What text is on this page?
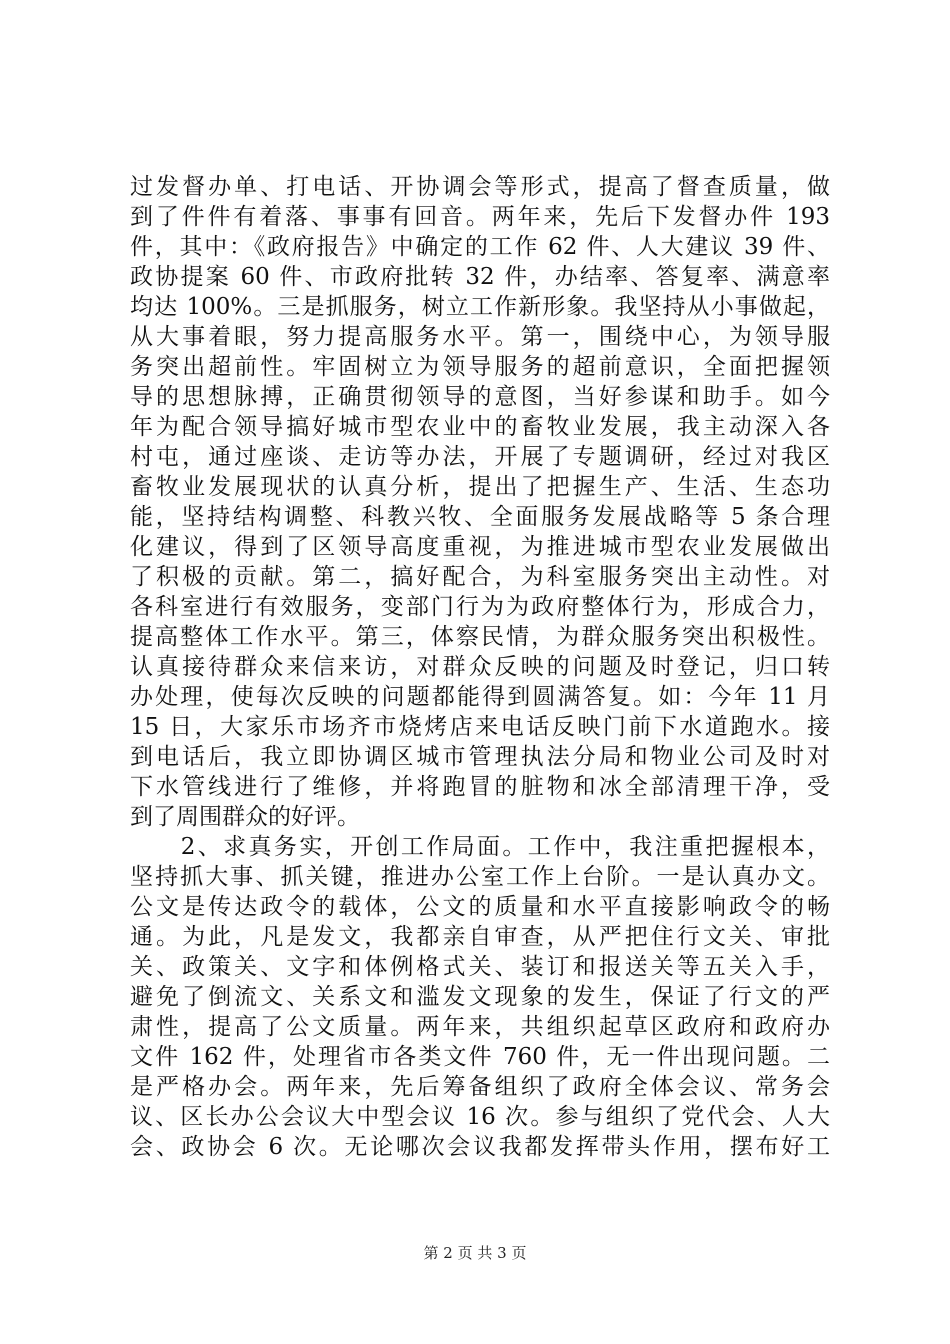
过发督办单、打电话、开协调会等形式，提高了督查质量，做
到了件件有着落、事事有回音。两年来，先后下发督办件 193
件，其中：《政府报告》中确定的工作 62 件、人大建议 39 件、
政协提案 60 件、市政府批转 32 件，办结率、答复率、满意率
均达 100%。三是抓服务，树立工作新形象。我坚持从小事做起，
从大事着眼，努力提高服务水平。第一，围绕中心，为领导服
务突出超前性。牢固树立为领导服务的超前意识，全面把握领
导的思想脉搏，正确贯彻领导的意图，当好参谋和助手。如今
年为配合领导搞好城市型农业中的畜牧业发展，我主动深入各
村屯，通过座谈、走访等办法，开展了专题调研，经过对我区
畜牧业发展现状的认真分析，提出了把握生产、生活、生态功
能，坚持结构调整、科教兴牧、全面服务发展战略等 5 条合理
化建议，得到了区领导高度重视，为推进城市型农业发展做出
了积极的贡献。第二，搞好配合，为科室服务突出主动性。对
各科室进行有效服务，变部门行为为政府整体行为，形成合力，
提高整体工作水平。第三，体察民情，为群众服务突出积极性。
认真接待群众来信来访，对群众反映的问题及时登记，归口转
办处理，使每次反映的问题都能得到圆满答复。如：今年 11 月
15 日，大家乐市场齐市烧烤店来电话反映门前下水道跑水。接
到电话后，我立即协调区城市管理执法分局和物业公司及时对
下水管线进行了维修，并将跑冒的脏物和冰全部清理干净，受
到了周围群众的好评。
　　2、求真务实，开创工作局面。工作中，我注重把握根本，
坚持抓大事、抓关键，推进办公室工作上台阶。一是认真办文。
公文是传达政令的载体，公文的质量和水平直接影响政令的畅
通。为此，凡是发文，我都亲自审查，从严把住行文关、审批
关、政策关、文字和体例格式关、装订和报送关等五关入手，
避免了倒流文、关系文和滥发文现象的发生，保证了行文的严
肃性，提高了公文质量。两年来，共组织起草区政府和政府办
文件 162 件，处理省市各类文件 760 件，无一件出现问题。二
是严格办会。两年来，先后筹备组织了政府全体会议、常务会
议、区长办公会议大中型会议 16 次。参与组织了党代会、人大
会、政协会 6 次。无论哪次会议我都发挥带头作用，摆布好工
第 2 页 共 3 页
